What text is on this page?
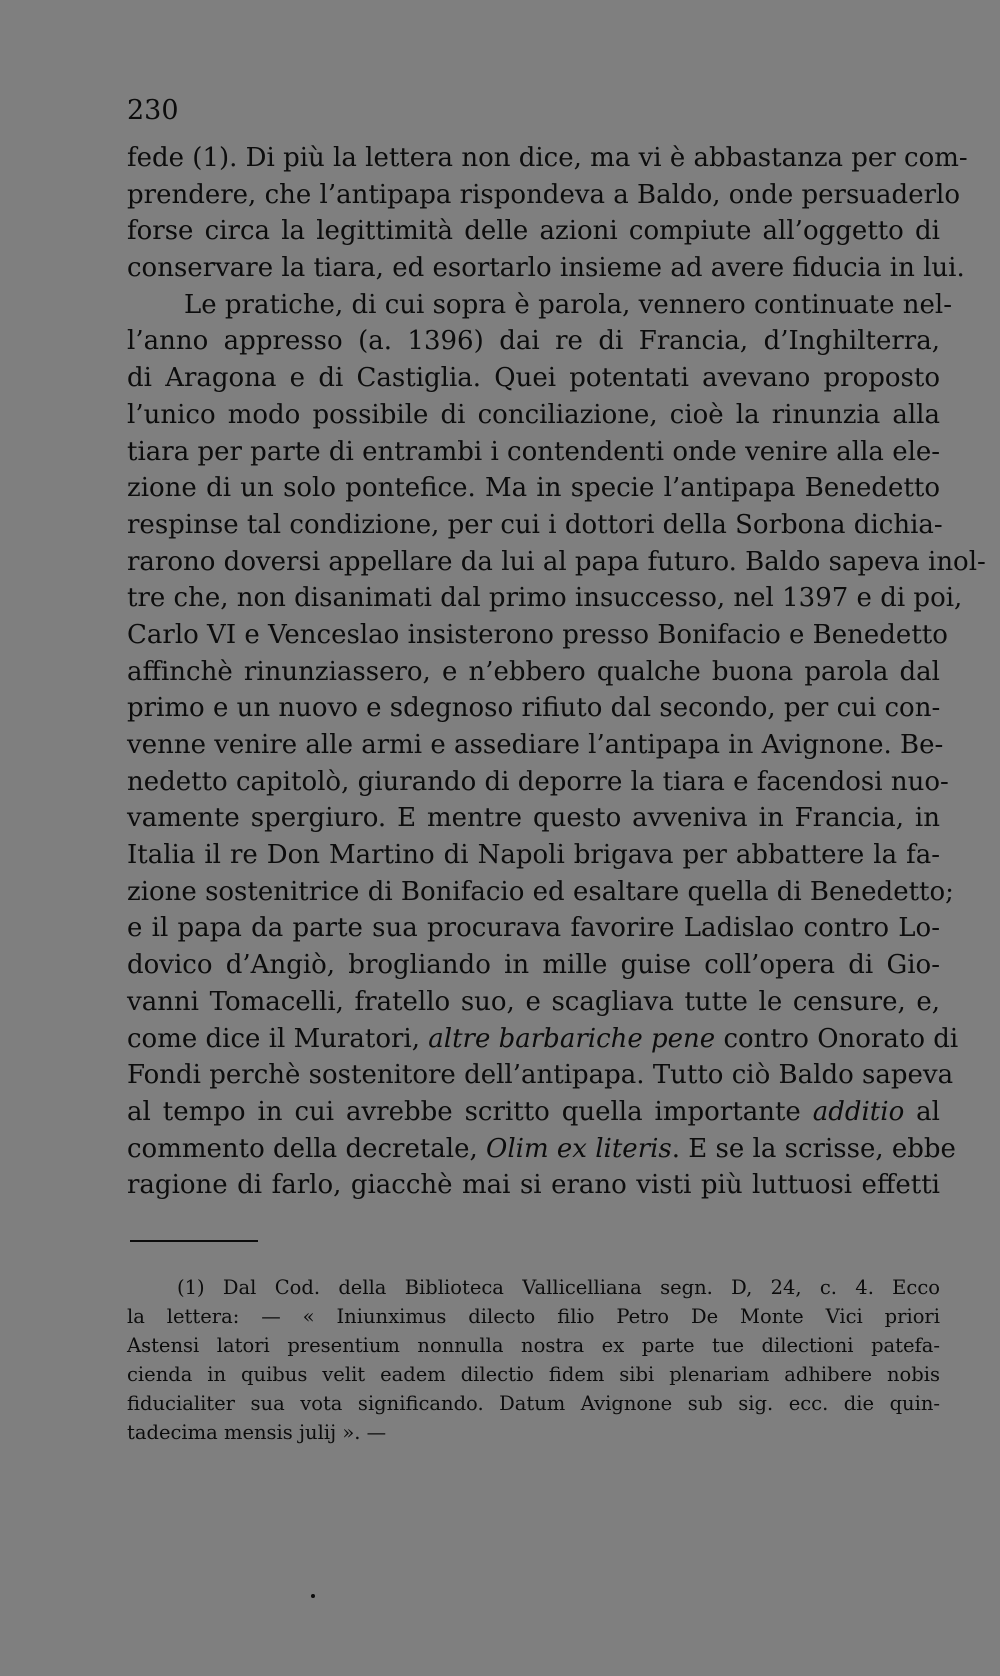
230
fede (1). Di più la lettera non dice, ma vi è abbastanza per com-
prendere, che l’antipapa rispondeva a Baldo, onde persuaderlo
forse circa la legittimità delle azioni compiute all’oggetto di
conservare la tiara, ed esortarlo insieme ad avere fiducia in lui.
Le pratiche, di cui sopra è parola, vennero continuate nel-
l’anno appresso (a. 1396) dai re di Francia, d’Inghilterra,
di Aragona e di Castiglia. Quei potentati avevano proposto
l’unico modo possibile di conciliazione, cioè la rinunzia alla
tiara per parte di entrambi i contendenti onde venire alla ele-
zione di un solo pontefice. Ma in specie l’antipapa Benedetto
respinse tal condizione, per cui i dottori della Sorbona dichia-
rarono doversi appellare da lui al papa futuro. Baldo sapeva inol-
tre che, non disanimati dal primo insuccesso, nel 1397 e di poi,
Carlo VI e Venceslao insisterono presso Bonifacio e Benedetto
affinchè rinunziassero, e n’ebbero qualche buona parola dal
primo e un nuovo e sdegnoso rifiuto dal secondo, per cui con-
venne venire alle armi e assediare l’antipapa in Avignone. Be-
nedetto capitolò, giurando di deporre la tiara e facendosi nuo-
vamente spergiuro. E mentre questo avveniva in Francia, in
Italia il re Don Martino di Napoli brigava per abbattere la fa-
zione sostenitrice di Bonifacio ed esaltare quella di Benedetto;
e il papa da parte sua procurava favorire Ladislao contro Lo-
dovico d’Angiò, brogliando in mille guise coll’opera di Gio-
vanni Tomacelli, fratello suo, e scagliava tutte le censure, e,
come dice il Muratori, altre barbariche pene contro Onorato di
Fondi perchè sostenitore dell’antipapa. Tutto ciò Baldo sapeva
al tempo in cui avrebbe scritto quella importante additio al
commento della decretale, Olim ex literis. E se la scrisse, ebbe
ragione di farlo, giacchè mai si erano visti più luttuosi effetti
(1) Dal Cod. della Biblioteca Vallicelliana segn. D, 24, c. 4. Ecco
la lettera: — « Iniunximus dilecto filio Petro De Monte Vici priori
Astensi latori presentium nonnulla nostra ex parte tue dilectioni patefa-
cienda in quibus velit eadem dilectio fidem sibi plenariam adhibere nobis
fiducialiter sua vota significando. Datum Avignone sub sig. ecc. die quin-
tadecima mensis julij ». —
